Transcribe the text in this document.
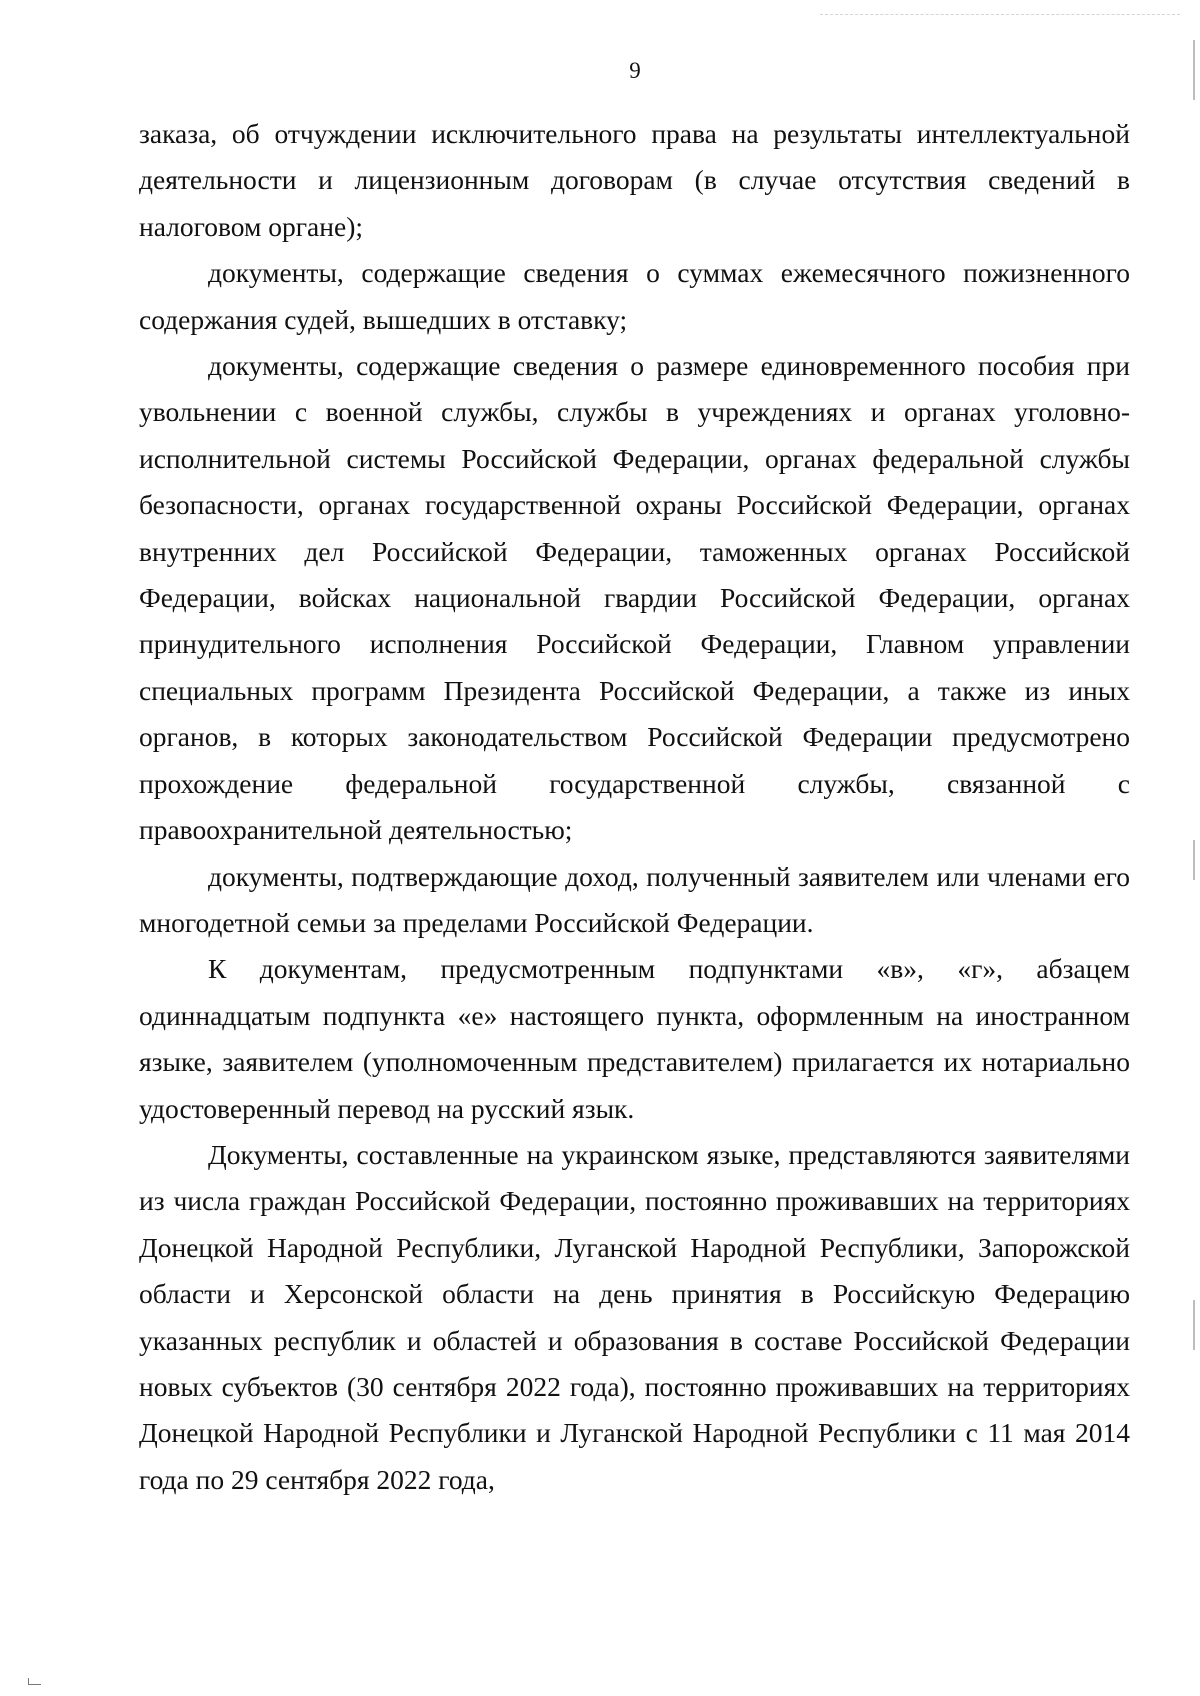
9

заказа, об отчуждении исключительного права на результаты интеллектуальной деятельности и лицензионным договорам (в случае отсутствия сведений в налоговом органе);

документы, содержащие сведения о суммах ежемесячного пожизненного содержания судей, вышедших в отставку;

документы, содержащие сведения о размере единовременного пособия при увольнении с военной службы, службы в учреждениях и органах уголовно-исполнительной системы Российской Федерации, органах федеральной службы безопасности, органах государственной охраны Российской Федерации, органах внутренних дел Российской Федерации, таможенных органах Российской Федерации, войсках национальной гвардии Российской Федерации, органах принудительного исполнения Российской Федерации, Главном управлении специальных программ Президента Российской Федерации, а также из иных органов, в которых законодательством Российской Федерации предусмотрено прохождение федеральной государственной службы, связанной с правоохранительной деятельностью;

документы, подтверждающие доход, полученный заявителем или членами его многодетной семьи за пределами Российской Федерации.

К документам, предусмотренным подпунктами «в», «г», абзацем одиннадцатым подпункта «е» настоящего пункта, оформленным на иностранном языке, заявителем (уполномоченным представителем) прилагается их нотариально удостоверенный перевод на русский язык.

Документы, составленные на украинском языке, представляются заявителями из числа граждан Российской Федерации, постоянно проживавших на территориях Донецкой Народной Республики, Луганской Народной Республики, Запорожской области и Херсонской области на день принятия в Российскую Федерацию указанных республик и областей и образования в составе Российской Федерации новых субъектов (30 сентября 2022 года), постоянно проживавших на территориях Донецкой Народной Республики и Луганской Народной Республики с 11 мая 2014 года по 29 сентября 2022 года,
